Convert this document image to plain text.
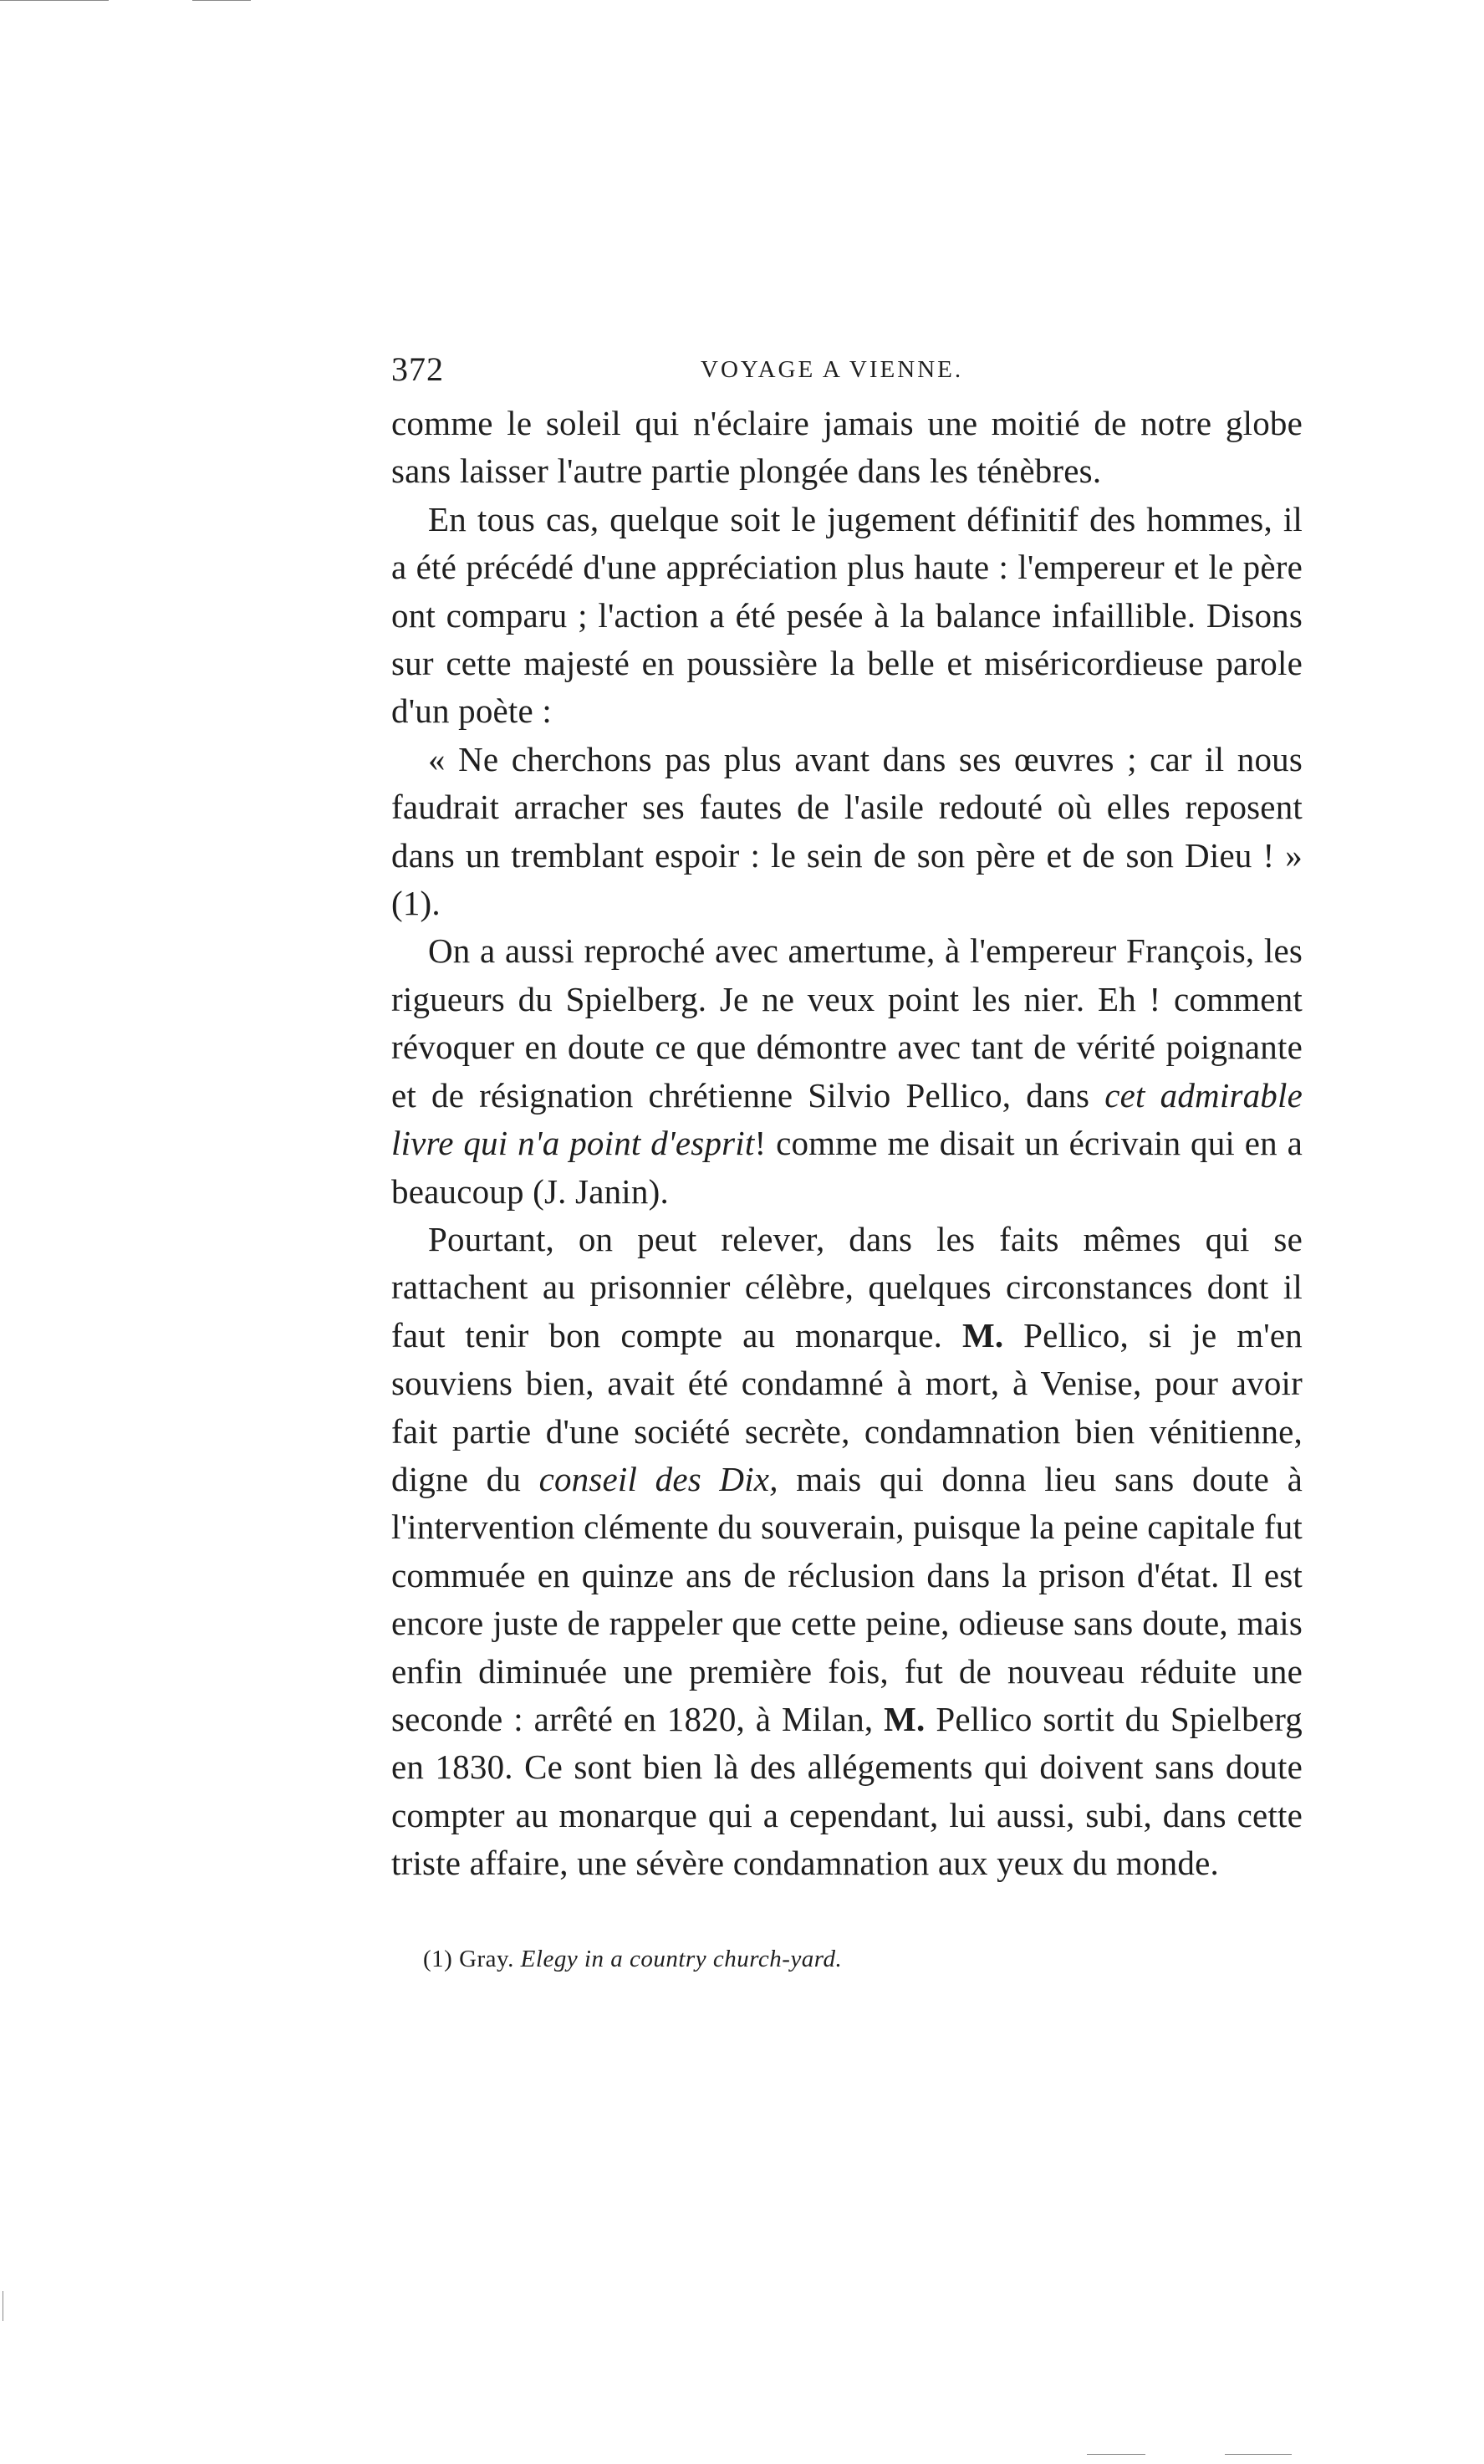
372	VOYAGE A VIENNE.

comme le soleil qui n'éclaire jamais une moitié de notre globe sans laisser l'autre partie plongée dans les ténèbres.

En tous cas, quelque soit le jugement définitif des hommes, il a été précédé d'une appréciation plus haute : l'empereur et le père ont comparu ; l'action a été pesée à la balance infaillible. Disons sur cette majesté en poussière la belle et miséricordieuse parole d'un poète :

« Ne cherchons pas plus avant dans ses œuvres ; car il nous faudrait arracher ses fautes de l'asile redouté où elles reposent dans un tremblant espoir : le sein de son père et de son Dieu ! » (1).

On a aussi reproché avec amertume, à l'empereur François, les rigueurs du Spielberg. Je ne veux point les nier. Eh ! comment révoquer en doute ce que démontre avec tant de vérité poignante et de résignation chrétienne Silvio Pellico, dans cet admirable livre qui n'a point d'esprit! comme me disait un écrivain qui en a beaucoup (J. Janin).

Pourtant, on peut relever, dans les faits mêmes qui se rattachent au prisonnier célèbre, quelques circonstances dont il faut tenir bon compte au monarque. M. Pellico, si je m'en souviens bien, avait été condamné à mort, à Venise, pour avoir fait partie d'une société secrète, condamnation bien vénitienne, digne du conseil des Dix, mais qui donna lieu sans doute à l'intervention clémente du souverain, puisque la peine capitale fut commuée en quinze ans de réclusion dans la prison d'état. Il est encore juste de rappeler que cette peine, odieuse sans doute, mais enfin diminuée une première fois, fut de nouveau réduite une seconde : arrêté en 1820, à Milan, M. Pellico sortit du Spielberg en 1830. Ce sont bien là des allégements qui doivent sans doute compter au monarque qui a cependant, lui aussi, subi, dans cette triste affaire, une sévère condamnation aux yeux du monde.

(1) Gray. Elegy in a country church-yard.
